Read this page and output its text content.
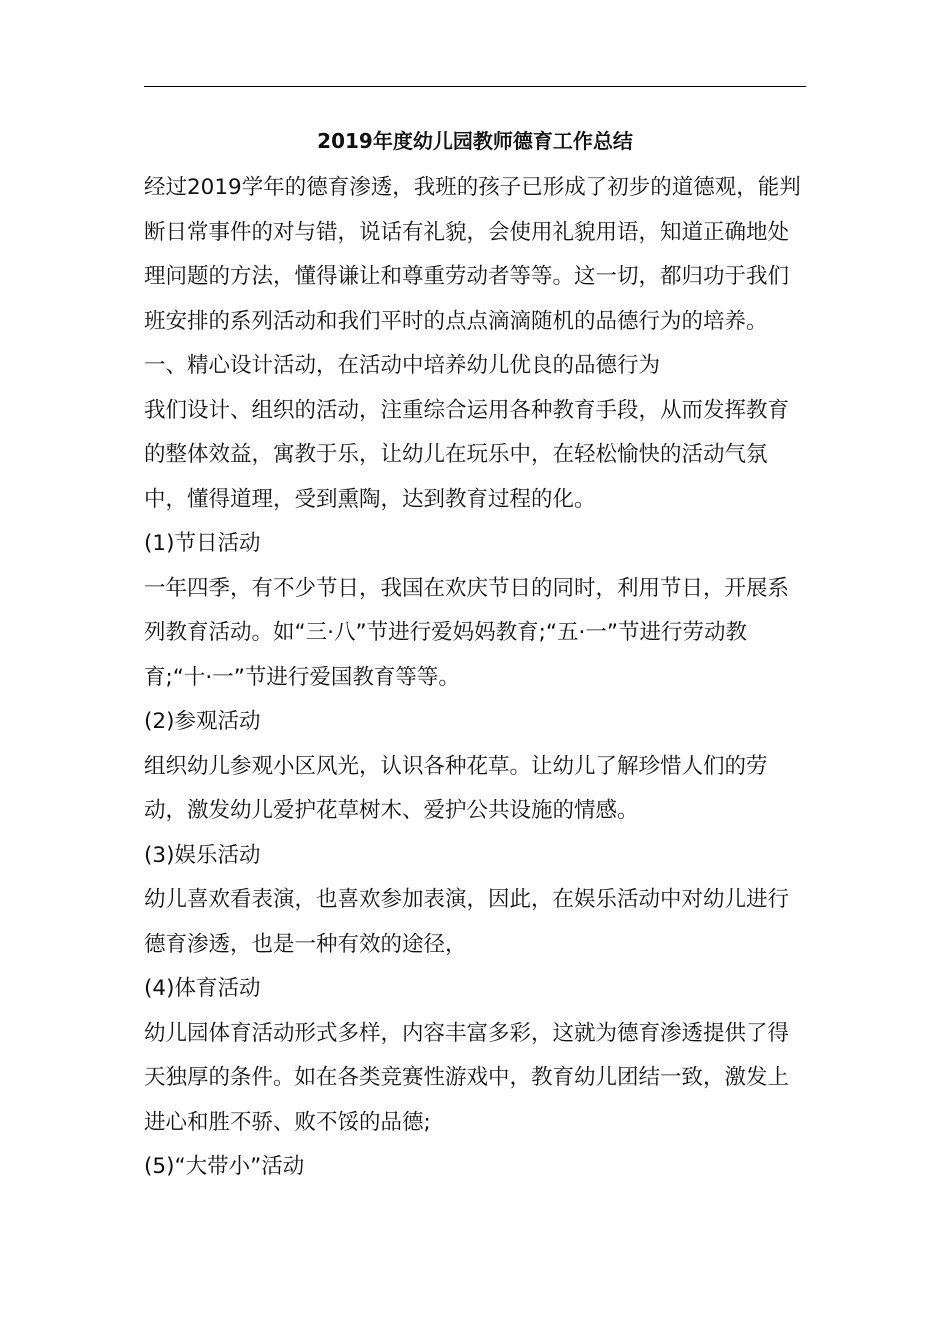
2019年度幼儿园教师德育工作总结

经过2019学年的德育渗透，我班的孩子已形成了初步的道德观，能判断日常事件的对与错，说话有礼貌，会使用礼貌用语，知道正确地处理问题的方法，懂得谦让和尊重劳动者等等。这一切，都归功于我们班安排的系列活动和我们平时的点点滴滴随机的品德行为的培养。

一、精心设计活动，在活动中培养幼儿优良的品德行为

我们设计、组织的活动，注重综合运用各种教育手段，从而发挥教育的整体效益，寓教于乐，让幼儿在玩乐中，在轻松愉快的活动气氛中，懂得道理，受到熏陶，达到教育过程的化。

(1)节日活动

一年四季，有不少节日，我国在欢庆节日的同时，利用节日，开展系列教育活动。如“三·八”节进行爱妈妈教育;“五·一”节进行劳动教育;“十·一”节进行爱国教育等等。

(2)参观活动

组织幼儿参观小区风光，认识各种花草。让幼儿了解珍惜人们的劳动，激发幼儿爱护花草树木、爱护公共设施的情感。

(3)娱乐活动

幼儿喜欢看表演，也喜欢参加表演，因此，在娱乐活动中对幼儿进行德育渗透，也是一种有效的途径，

(4)体育活动

幼儿园体育活动形式多样，内容丰富多彩，这就为德育渗透提供了得天独厚的条件。如在各类竞赛性游戏中，教育幼儿团结一致，激发上进心和胜不骄、败不馁的品德;

(5)“大带小”活动
